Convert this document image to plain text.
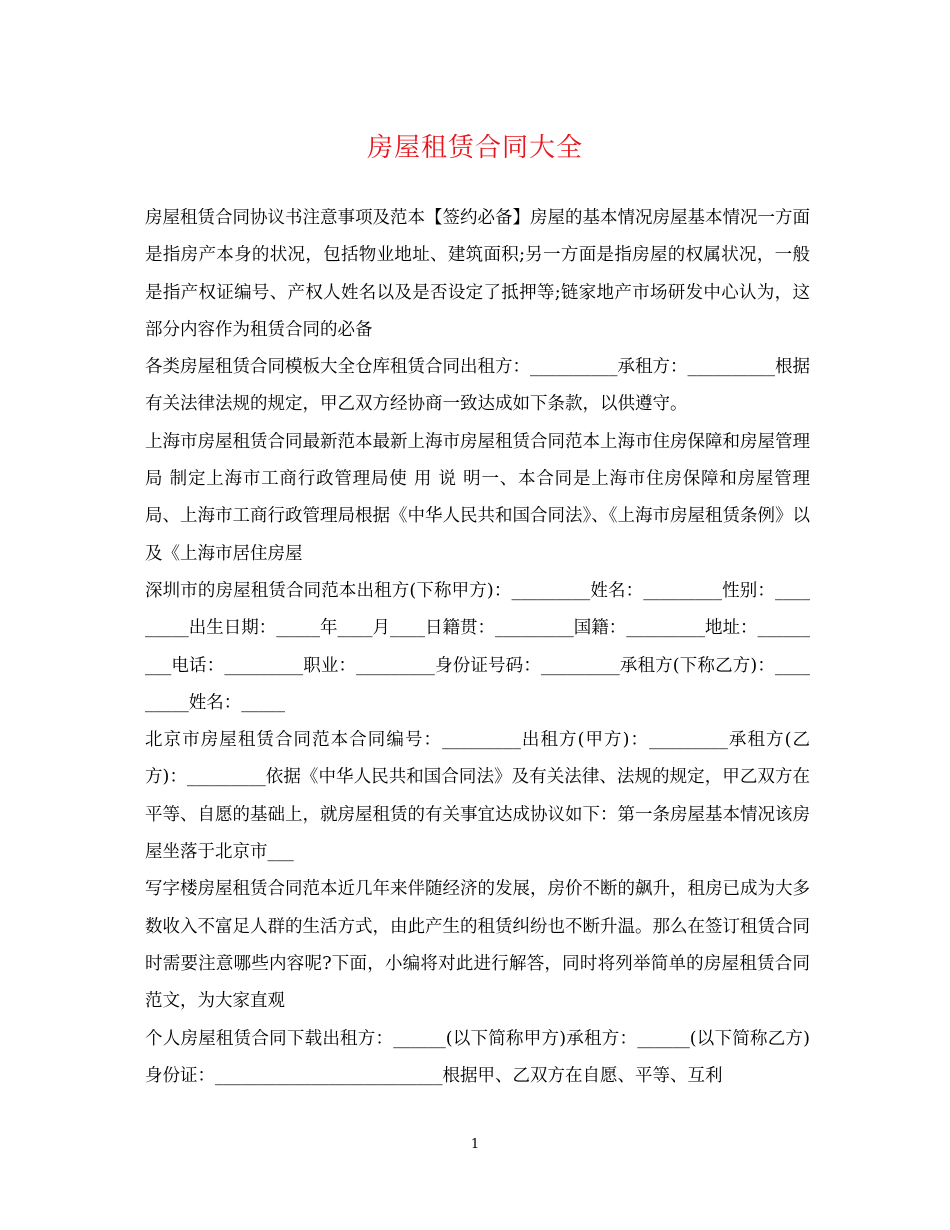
房屋租赁合同大全

房屋租赁合同协议书注意事项及范本【签约必备】房屋的基本情况房屋基本情况一方面是指房产本身的状况，包括物业地址、建筑面积;另一方面是指房屋的权属状况，一般是指产权证编号、产权人姓名以及是否设定了抵押等;链家地产市场研发中心认为，这部分内容作为租赁合同的必备

各类房屋租赁合同模板大全仓库租赁合同出租方：__________承租方：__________根据有关法律法规的规定，甲乙双方经协商一致达成如下条款，以供遵守。

上海市房屋租赁合同最新范本最新上海市房屋租赁合同范本上海市住房保障和房屋管理局 制定上海市工商行政管理局使 用 说 明一、本合同是上海市住房保障和房屋管理局、上海市工商行政管理局根据《中华人民共和国合同法》、《上海市房屋租赁条例》以及《上海市居住房屋

深圳市的房屋租赁合同范本出租方(下称甲方)：_________姓名：_________性别：_________出生日期：_____年____月____日籍贯：_________国籍：_________地址：_________电话：_________职业：_________身份证号码：_________承租方(下称乙方)：_________姓名：_____

北京市房屋租赁合同范本合同编号：_________出租方(甲方)：_________承租方(乙方)：_________依据《中华人民共和国合同法》及有关法律、法规的规定，甲乙双方在平等、自愿的基础上，就房屋租赁的有关事宜达成协议如下：第一条房屋基本情况该房屋坐落于北京市___

写字楼房屋租赁合同范本近几年来伴随经济的发展，房价不断的飙升，租房已成为大多数收入不富足人群的生活方式，由此产生的租赁纠纷也不断升温。那么在签订租赁合同时需要注意哪些内容呢?下面，小编将对此进行解答，同时将列举简单的房屋租赁合同范文，为大家直观

个人房屋租赁合同下载出租方：______(以下简称甲方)承租方：______(以下简称乙方)身份证：__________________________根据甲、乙双方在自愿、平等、互利

1
